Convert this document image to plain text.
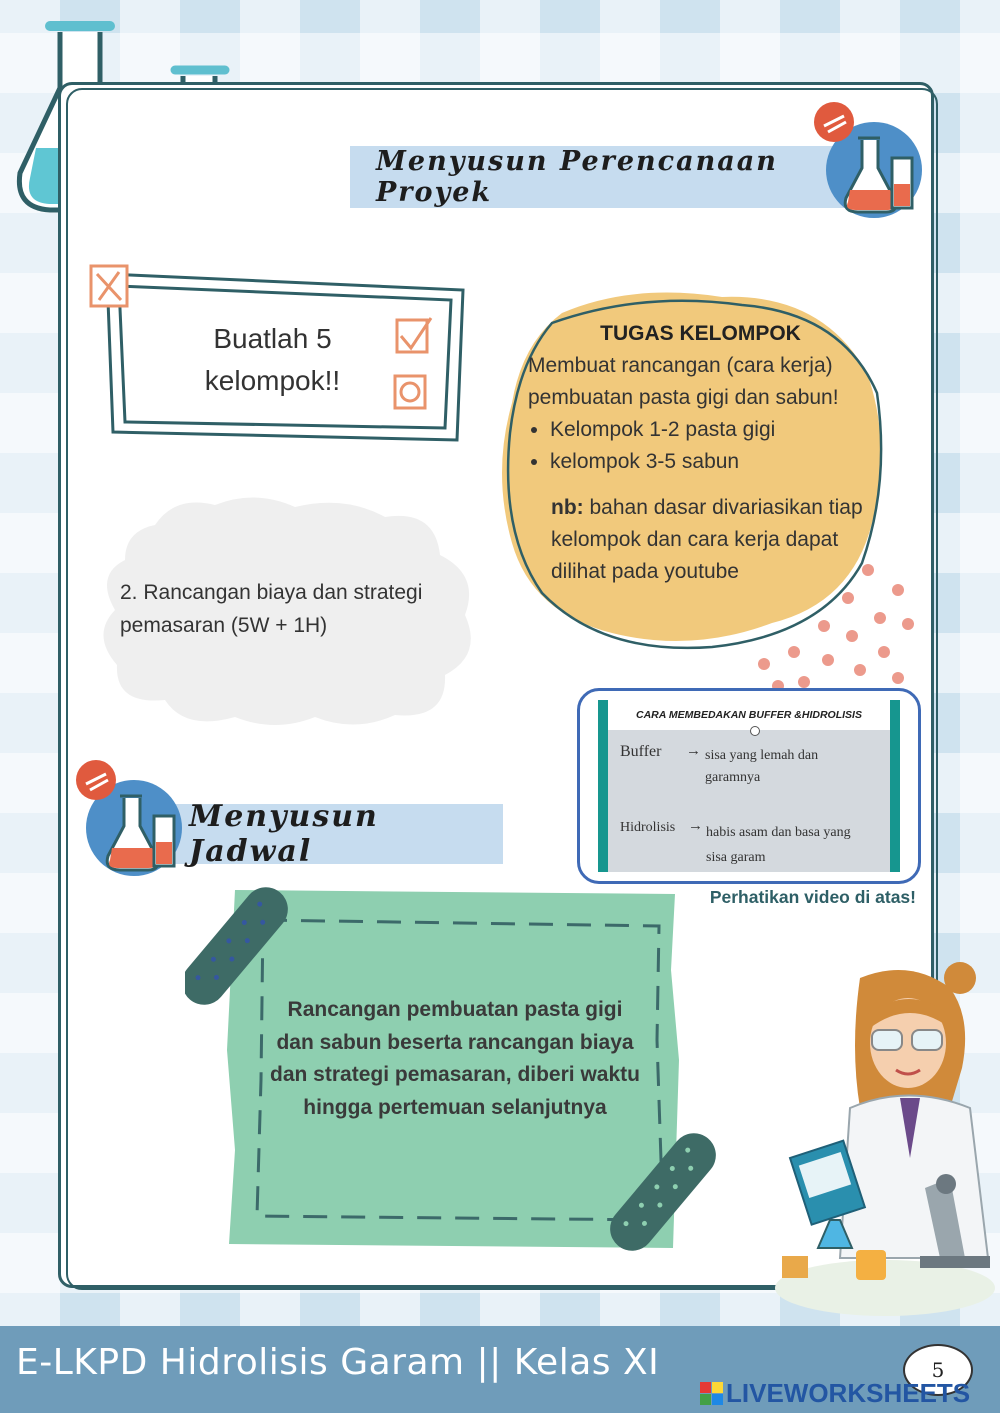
Menyusun Perencanaan Proyek
Buatlah 5 kelompok!!
2. Rancangan biaya dan strategi pemasaran (5W + 1H)
TUGAS KELOMPOK
Membuat rancangan (cara kerja) pembuatan pasta gigi dan sabun!
• Kelompok 1-2 pasta gigi
• kelompok 3-5 sabun
nb: bahan dasar divariasikan tiap kelompok dan cara kerja dapat dilihat pada youtube
CARA MEMBEDAKAN BUFFER &HIDROLISIS
Buffer → sisa yang lemah dan garamnya
Hidrolisis → habis asam dan basa yang sisa garam
Perhatikan video di atas!
Menyusun Jadwal
Rancangan pembuatan pasta gigi dan sabun beserta rancangan biaya dan strategi pemasaran, diberi waktu hingga pertemuan selanjutnya
E-LKPD Hidrolisis Garam || Kelas XI	5
LIVEWORKSHEETS
